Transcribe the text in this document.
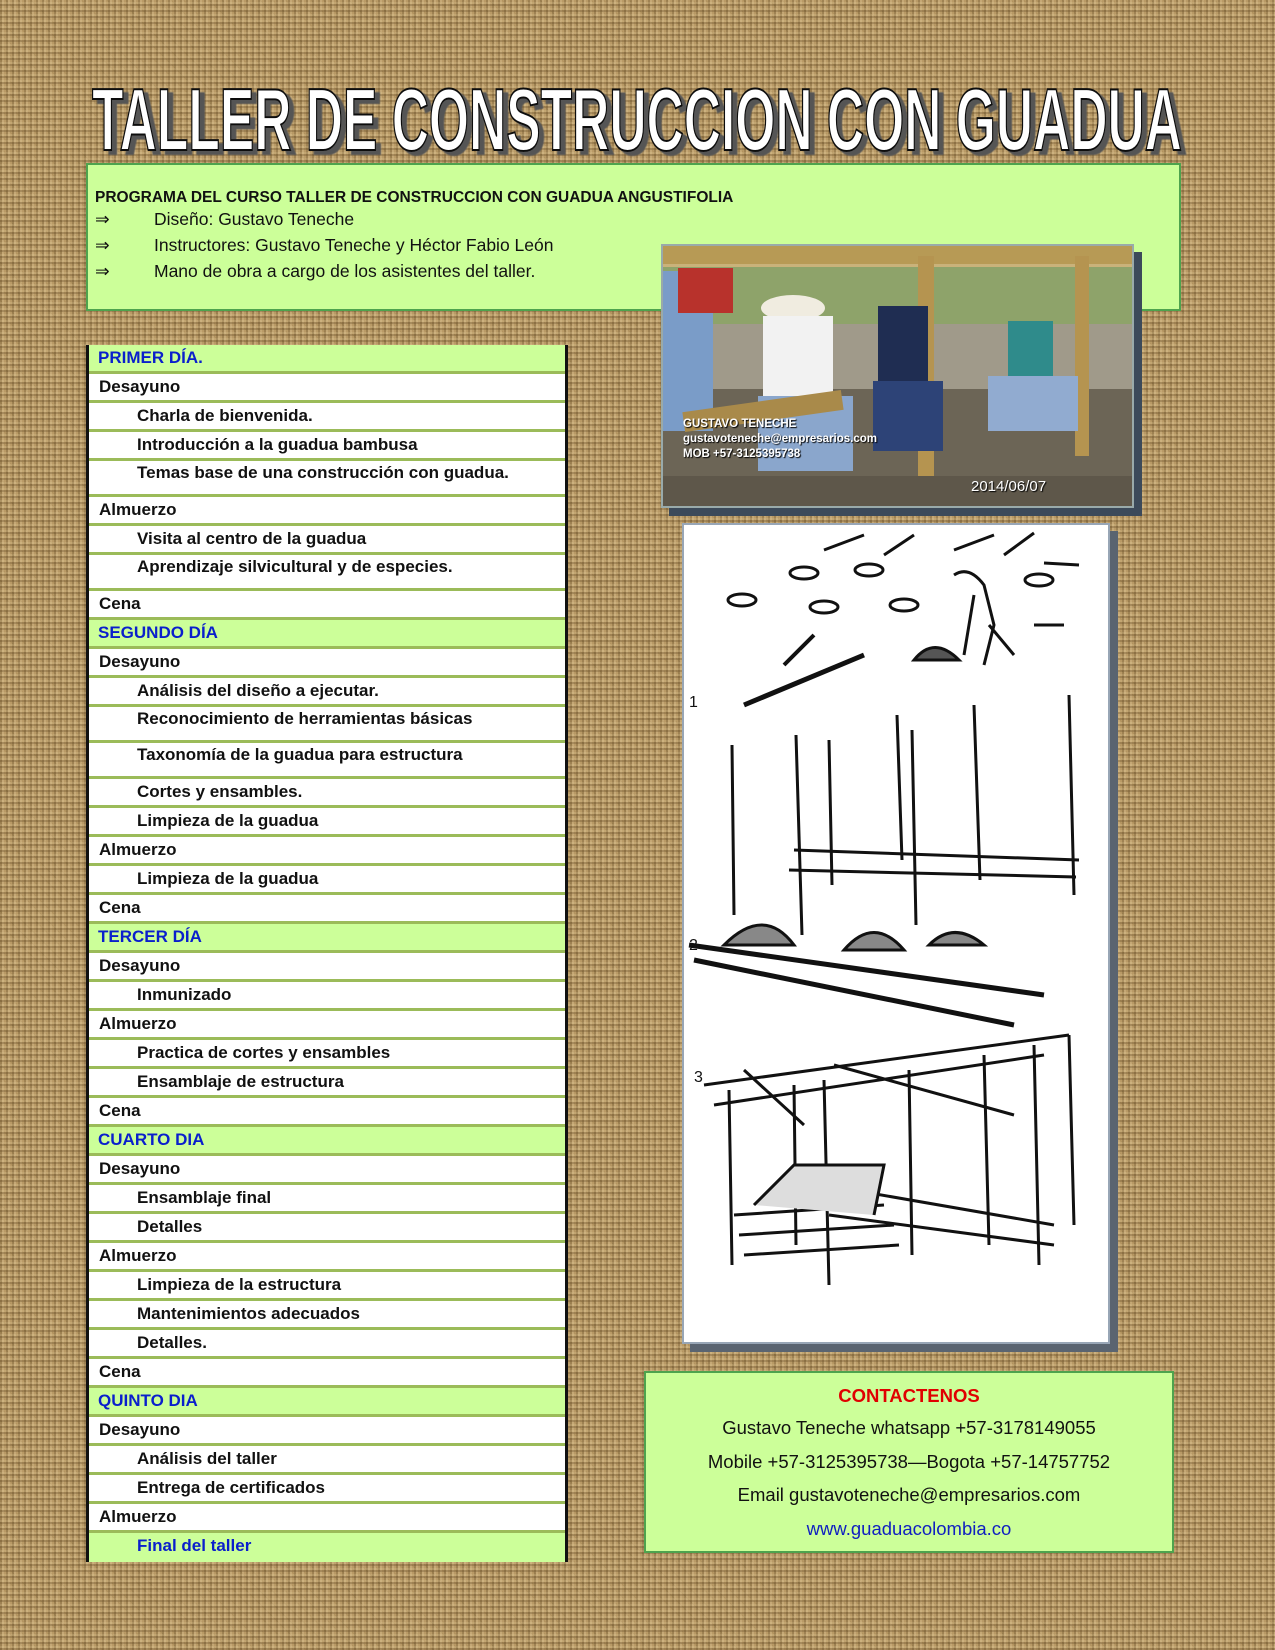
TALLER DE CONSTRUCCION CON GUADUA
PROGRAMA DEL CURSO TALLER DE CONSTRUCCION CON GUADUA ANGUSTIFOLIA
⇒	Diseño: Gustavo Teneche
⇒	Instructores: Gustavo Teneche y Héctor Fabio León
⇒	Mano de obra a cargo de los asistentes del taller.
GUSTAVO TENECHE
gustavoteneche@empresarios.com
MOB +57-3125395738
2014/06/07
1
2
3
PRIMER DÍA.
Desayuno
Charla de bienvenida.
Introducción a la guadua bambusa
Temas base de una construcción con guadua.
Almuerzo
Visita al centro de la guadua
Aprendizaje silvicultural y de especies.
Cena
SEGUNDO DÍA
Desayuno
Análisis del diseño a ejecutar.
Reconocimiento de herramientas básicas
Taxonomía de la guadua para estructura
Cortes y ensambles.
Limpieza de la guadua
Almuerzo
Limpieza de la guadua
Cena
TERCER DÍA
Desayuno
Inmunizado
Almuerzo
Practica de cortes y ensambles
Ensamblaje de estructura
Cena
CUARTO DIA
Desayuno
Ensamblaje final
Detalles
Almuerzo
Limpieza de la estructura
Mantenimientos adecuados
Detalles.
Cena
QUINTO DIA
Desayuno
Análisis del taller
Entrega de certificados
Almuerzo
Final del taller
CONTACTENOS
Gustavo Teneche whatsapp +57-3178149055
Mobile +57-3125395738—Bogota +57-14757752
Email gustavoteneche@empresarios.com
www.guaduacolombia.co
